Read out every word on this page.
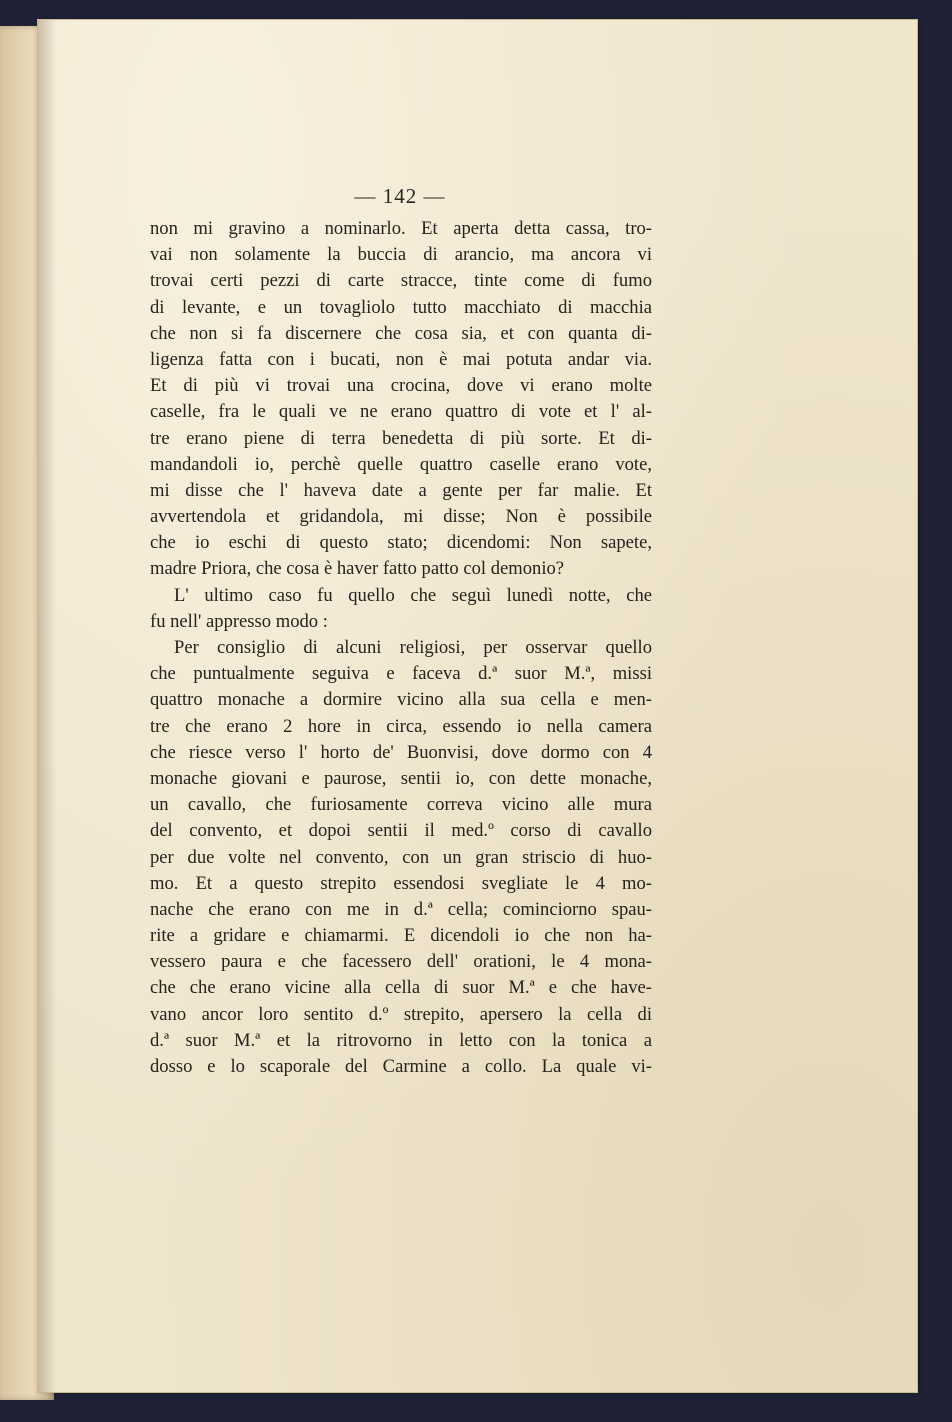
— 142 —
non mi gravino a nominarlo. Et aperta detta cassa, tro-
vai non solamente la buccia di arancio, ma ancora vi
trovai certi pezzi di carte stracce, tinte come di fumo
di levante, e un tovagliolo tutto macchiato di macchia
che non si fa discernere che cosa sia, et con quanta di-
ligenza fatta con i bucati, non è mai potuta andar via.
Et di più vi trovai una crocina, dove vi erano molte
caselle, fra le quali ve ne erano quattro di vote et l' al-
tre erano piene di terra benedetta di più sorte. Et di-
mandandoli io, perchè quelle quattro caselle erano vote,
mi disse che l' haveva date a gente per far malie. Et
avvertendola et gridandola, mi disse; Non è possibile
che io eschi di questo stato; dicendomi: Non sapete,
madre Priora, che cosa è haver fatto patto col demonio?
L' ultimo caso fu quello che seguì lunedì notte, che
fu nell' appresso modo :
Per consiglio di alcuni religiosi, per osservar quello
che puntualmente seguiva e faceva d.ª suor M.ª, missi
quattro monache a dormire vicino alla sua cella e men-
tre che erano 2 hore in circa, essendo io nella camera
che riesce verso l' horto de' Buonvisi, dove dormo con 4
monache giovani e paurose, sentii io, con dette monache,
un cavallo, che furiosamente correva vicino alle mura
del convento, et dopoi sentii il med.º corso di cavallo
per due volte nel convento, con un gran striscio di huo-
mo. Et a questo strepito essendosi svegliate le 4 mo-
nache che erano con me in d.ª cella; cominciorno spau-
rite a gridare e chiamarmi. E dicendoli io che non ha-
vessero paura e che facessero dell' orationi, le 4 mona-
che che erano vicine alla cella di suor M.ª e che have-
vano ancor loro sentito d.º strepito, apersero la cella di
d.ª suor M.ª et la ritrovorno in letto con la tonica a
dosso e lo scaporale del Carmine a collo. La quale vi-
